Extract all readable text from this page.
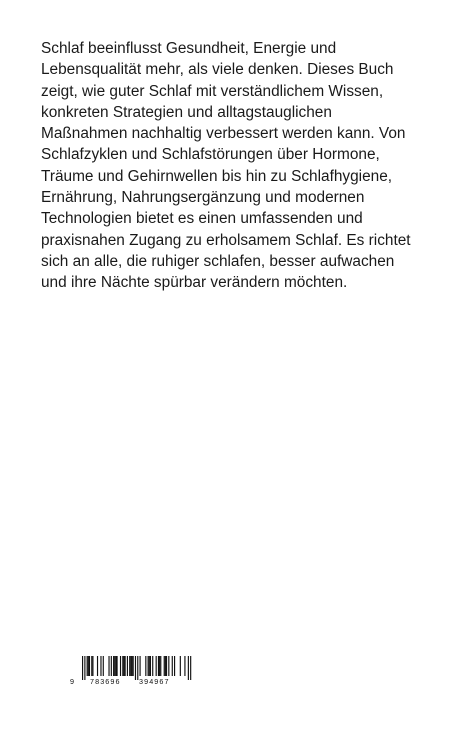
Schlaf beeinflusst Gesundheit, Energie und
Lebensqualität mehr, als viele denken. Dieses Buch
zeigt, wie guter Schlaf mit verständlichem Wissen,
konkreten Strategien und alltagstauglichen
Maßnahmen nachhaltig verbessert werden kann. Von
Schlafzyklen und Schlafstörungen über Hormone,
Träume und Gehirnwellen bis hin zu Schlafhygiene,
Ernährung, Nahrungsergänzung und modernen
Technologien bietet es einen umfassenden und
praxisnahen Zugang zu erholsamem Schlaf. Es richtet
sich an alle, die ruhiger schlafen, besser aufwachen
und ihre Nächte spürbar verändern möchten.
9 783696	394967
